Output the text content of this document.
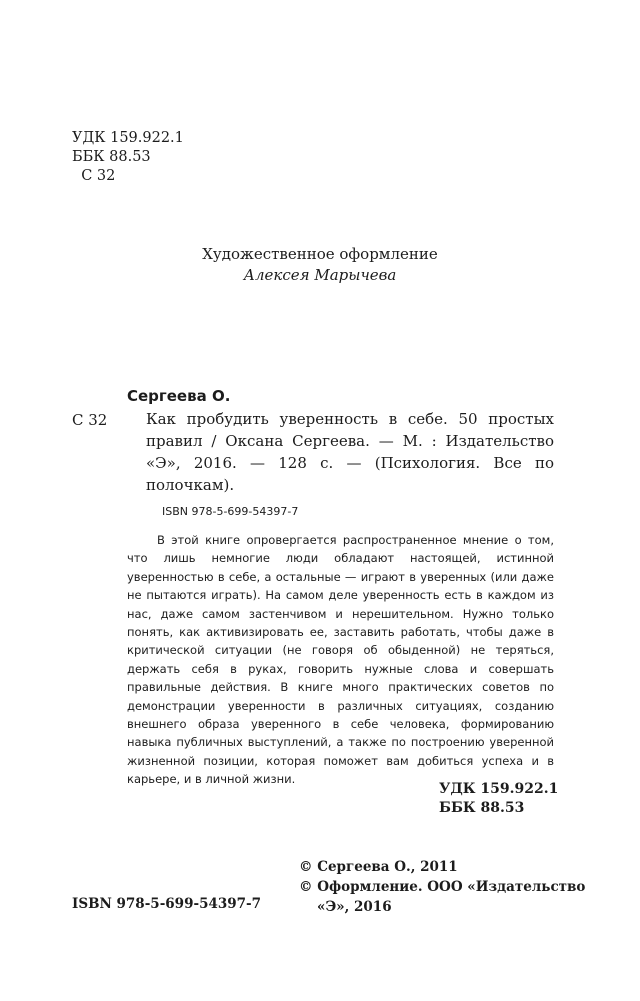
УДК 159.922.1
ББК 88.53
С 32
Художественное оформление
Алексея Марычева
Сергеева О.
С 32	Как пробудить уверенность в себе. 50 простых правил / Оксана Сергеева. — М. : Издательство «Э», 2016. — 128 с. — (Психология. Все по полочкам).
ISBN 978-5-699-54397-7

В этой книге опровергается распространенное мнение о том, что лишь немногие люди обладают настоящей, истинной уверенностью в себе, а остальные — играют в уверенных (или даже не пытаются играть). На самом деле уверенность есть в каждом из нас, даже самом застенчивом и нерешительном. Нужно только понять, как активизировать ее, заставить работать, чтобы даже в критической ситуации (не говоря об обыденной) не теряться, держать себя в руках, говорить нужные слова и совершать правильные действия. В книге много практических советов по демонстрации уверенности в различных ситуациях, созданию внешнего образа уверенного в себе человека, формированию навыка публичных выступлений, а также по построению уверенной жизненной позиции, которая поможет вам добиться успеха и в карьере, и в личной жизни.

УДК 159.922.1
ББК 88.53
© Сергеева О., 2011
© Оформление. ООО «Издательство
«Э», 2016
ISBN 978-5-699-54397-7
